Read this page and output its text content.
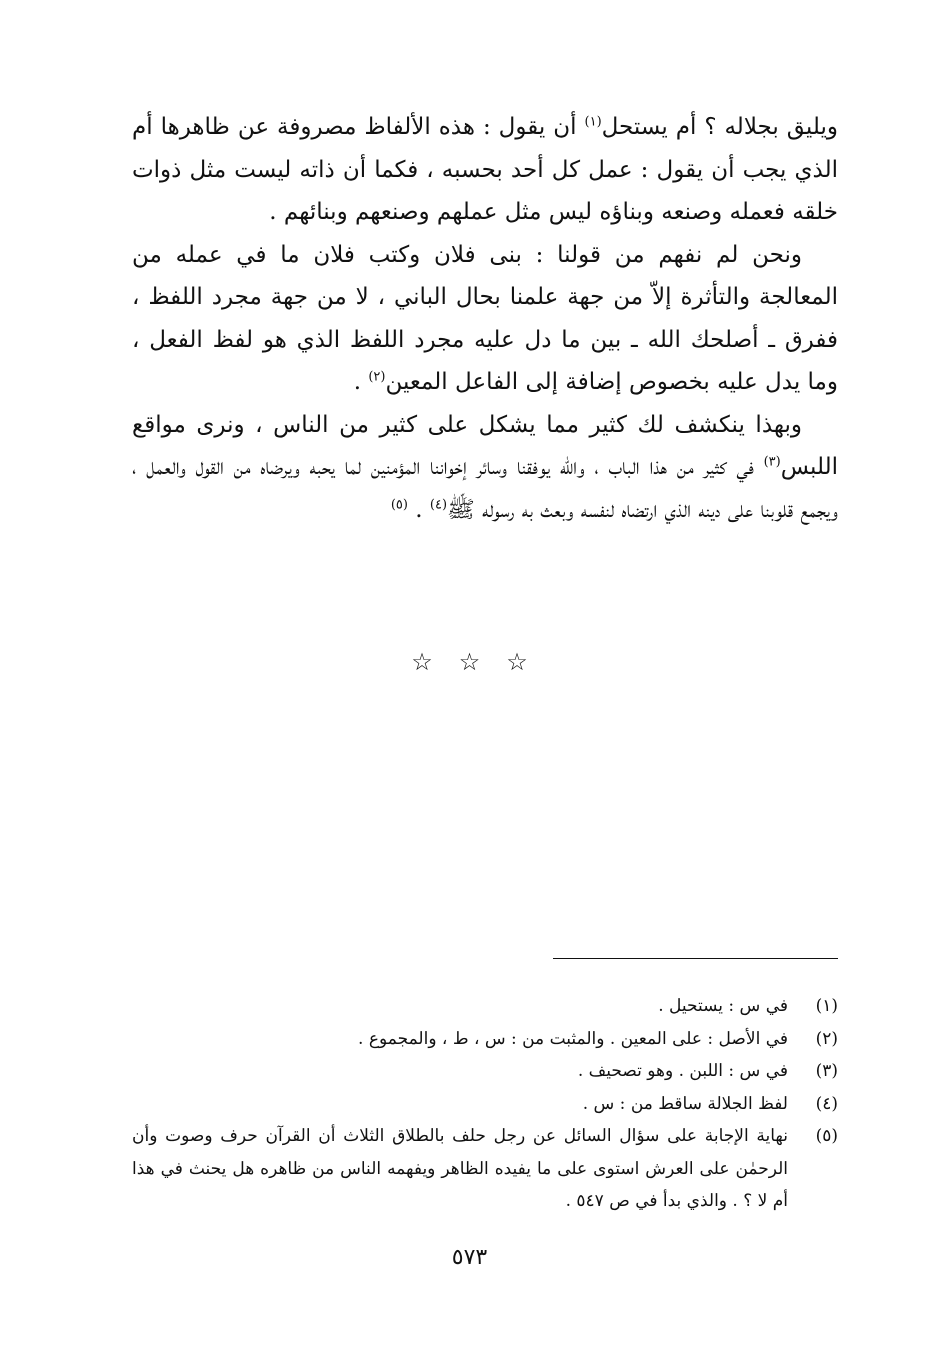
ويليق بجلاله ؟ أم يستحل$^{(١)}$ أن يقول : هذه الألفاظ مصروفة عن ظاهرها أم الذي يجب أن يقول : عمل كل أحد بحسبه ، فكما أن ذاته ليست مثل ذوات خلقه فعمله وصنعه وبناؤه ليس مثل عملهم وصنعهم وبنائهم .

ونحن لم نفهم من قولنا : بنى فلان وكتب فلان ما في عمله من المعالجة والتأثرة إلاّ من جهة علمنا بحال الباني ، لا من جهة مجرد اللفظ ، ففرق ـ أصلحك الله ـ بين ما دل عليه مجرد اللفظ الذي هو لفظ الفعل ، وما يدل عليه بخصوص إضافة إلى الفاعل المعين$^{(٢)}$ .

وبهذا ينكشف لك كثير مما يشكل على كثير من الناس ، ونرى مواقع اللبس$^{(٣)}$ في كثير من هذا الباب ، والله يوفقنا وسائر إخواننا المؤمنين لما يحبه ويرضاه من القول والعمل ، ويجمع قلوبنا على دينه الذي ارتضاه لنفسه وبعث به رسوله ﷺ$^{(٤)}$ . $^{(٥)}$

☆☆☆
(١)
في س : يستحيل .
(٢)
في الأصل : على المعين . والمثبت من : س ، ط ، والمجموع .
(٣)
في س : اللبن . وهو تصحيف .
(٤)
لفظ الجلالة ساقط من : س .
(٥)
نهاية الإجابة على سؤال السائل عن رجل حلف بالطلاق الثلاث أن القرآن حرف وصوت وأن الرحمٰن على العرش استوى على ما يفيده الظاهر ويفهمه الناس من ظاهره هل يحنث في هذا أم لا ؟ . والذي بدأ في ص ٥٤٧ .
٥٧٣
